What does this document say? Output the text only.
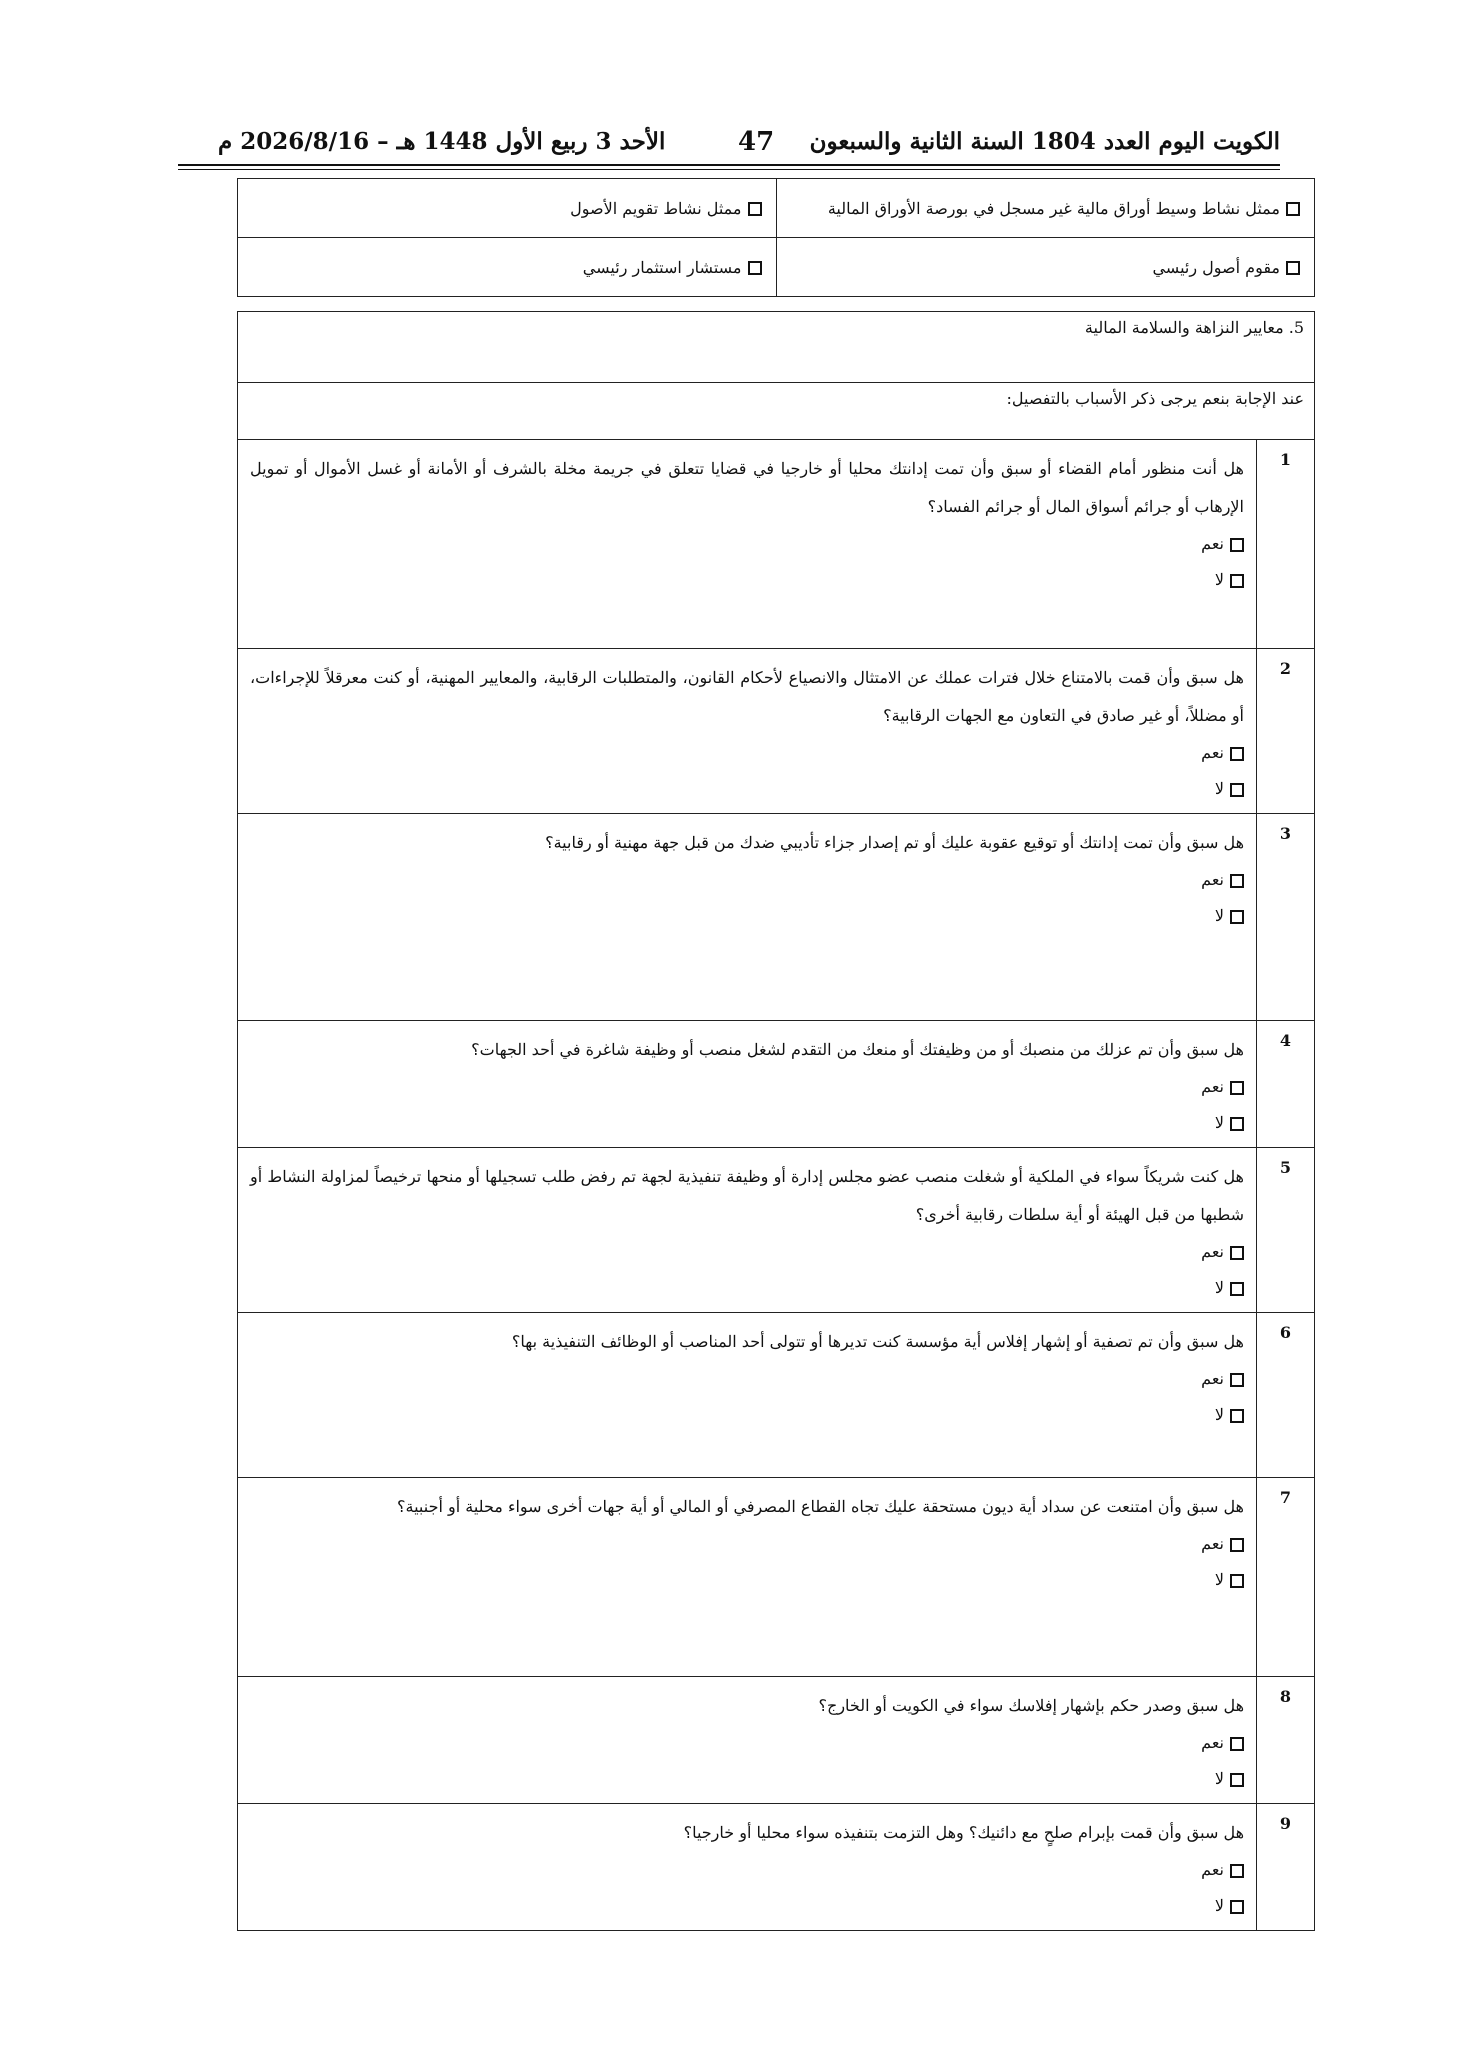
الكويت اليوم العدد 1804 السنة الثانية والسبعون
47
الأحد 3 ربيع الأول 1448 هـ – 2026/8/16 م
ممثل نشاط وسيط أوراق مالية غير مسجل في بورصة الأوراق المالية	ممثل نشاط تقويم الأصول
مقوم أصول رئيسي	مستشار استثمار رئيسي
5. معايير النزاهة والسلامة المالية	
عند الإجابة بنعم يرجى ذكر الأسباب بالتفصيل:	
1	هل أنت منظور أمام القضاء أو سبق وأن تمت إدانتك محليا أو خارجيا في قضايا تتعلق في جريمة مخلة بالشرف أو الأمانة أو غسل الأموال أو تمويل الإرهاب أو جرائم أسواق المال أو جرائم الفساد؟
نعم
لا

2	هل سبق وأن قمت بالامتناع خلال فترات عملك عن الامتثال والانصياع لأحكام القانون، والمتطلبات الرقابية، والمعايير المهنية، أو كنت معرقلاً للإجراءات، أو مضللاً، أو غير صادق في التعاون مع الجهات الرقابية؟
نعم
لا

3	هل سبق وأن تمت إدانتك أو توقيع عقوبة عليك أو تم إصدار جزاء تأديبي ضدك من قبل جهة مهنية أو رقابية؟
نعم
لا

4	هل سبق وأن تم عزلك من منصبك أو من وظيفتك أو منعك من التقدم لشغل منصب أو وظيفة شاغرة في أحد الجهات؟
نعم
لا

5	هل كنت شريكاً سواء في الملكية أو شغلت منصب عضو مجلس إدارة أو وظيفة تنفيذية لجهة تم رفض طلب تسجيلها أو منحها ترخيصاً لمزاولة النشاط أو شطبها من قبل الهيئة أو أية سلطات رقابية أخرى؟
نعم
لا

6	هل سبق وأن تم تصفية أو إشهار إفلاس أية مؤسسة كنت تديرها أو تتولى أحد المناصب أو الوظائف التنفيذية بها؟
نعم
لا

7	هل سبق وأن امتنعت عن سداد أية ديون مستحقة عليك تجاه القطاع المصرفي أو المالي أو أية جهات أخرى سواء محلية أو أجنبية؟
نعم
لا

8	هل سبق وصدر حكم بإشهار إفلاسك سواء في الكويت أو الخارج؟
نعم
لا

9	هل سبق وأن قمت بإبرام صلحٍ مع دائنيك؟ وهل التزمت بتنفيذه سواء محليا أو خارجيا؟
نعم
لا
